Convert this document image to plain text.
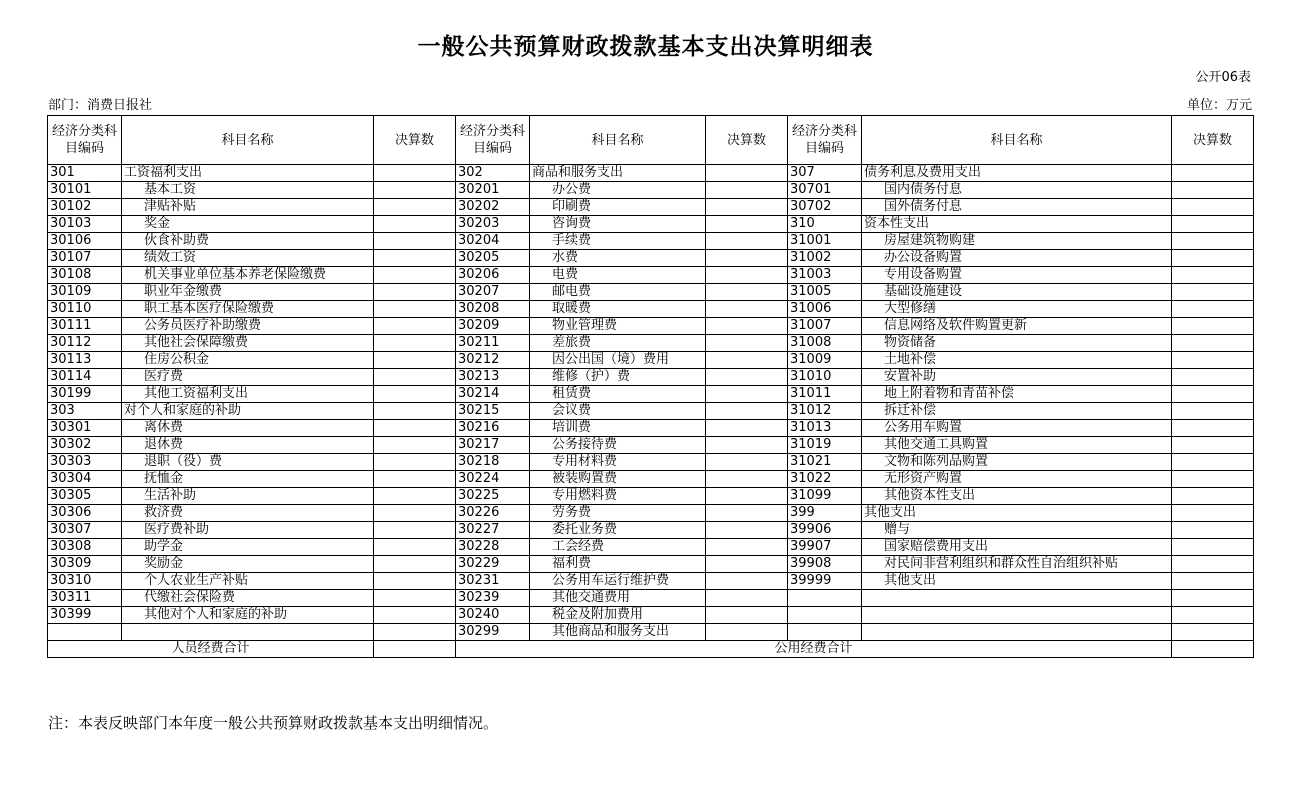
一般公共预算财政拨款基本支出决算明细表
公开06表
部门：消费日报社	单位：万元
经济分类科目编码	科目名称	决算数	经济分类科目编码	科目名称	决算数	经济分类科目编码	科目名称	决算数
301	工资福利支出		302	商品和服务支出		307	债务利息及费用支出	
30101	基本工资		30201	办公费		30701	国内债务付息	
30102	津贴补贴		30202	印刷费		30702	国外债务付息	
30103	奖金		30203	咨询费		310	资本性支出	
30106	伙食补助费		30204	手续费		31001	房屋建筑物购建	
30107	绩效工资		30205	水费		31002	办公设备购置	
30108	机关事业单位基本养老保险缴费		30206	电费		31003	专用设备购置	
30109	职业年金缴费		30207	邮电费		31005	基础设施建设	
30110	职工基本医疗保险缴费		30208	取暖费		31006	大型修缮	
30111	公务员医疗补助缴费		30209	物业管理费		31007	信息网络及软件购置更新	
30112	其他社会保障缴费		30211	差旅费		31008	物资储备	
30113	住房公积金		30212	因公出国（境）费用		31009	土地补偿	
30114	医疗费		30213	维修（护）费		31010	安置补助	
30199	其他工资福利支出		30214	租赁费		31011	地上附着物和青苗补偿	
303	对个人和家庭的补助		30215	会议费		31012	拆迁补偿	
30301	离休费		30216	培训费		31013	公务用车购置	
30302	退休费		30217	公务接待费		31019	其他交通工具购置	
30303	退职（役）费		30218	专用材料费		31021	文物和陈列品购置	
30304	抚恤金		30224	被装购置费		31022	无形资产购置	
30305	生活补助		30225	专用燃料费		31099	其他资本性支出	
30306	救济费		30226	劳务费		399	其他支出	
30307	医疗费补助		30227	委托业务费		39906	赠与	
30308	助学金		30228	工会经费		39907	国家赔偿费用支出	
30309	奖励金		30229	福利费		39908	对民间非营利组织和群众性自治组织补贴	
30310	个人农业生产补贴		30231	公务用车运行维护费		39999	其他支出	
30311	代缴社会保险费		30239	其他交通费用				
30399	其他对个人和家庭的补助		30240	税金及附加费用				
			30299	其他商品和服务支出				
人员经费合计			公用经费合计					
注：本表反映部门本年度一般公共预算财政拨款基本支出明细情况。
